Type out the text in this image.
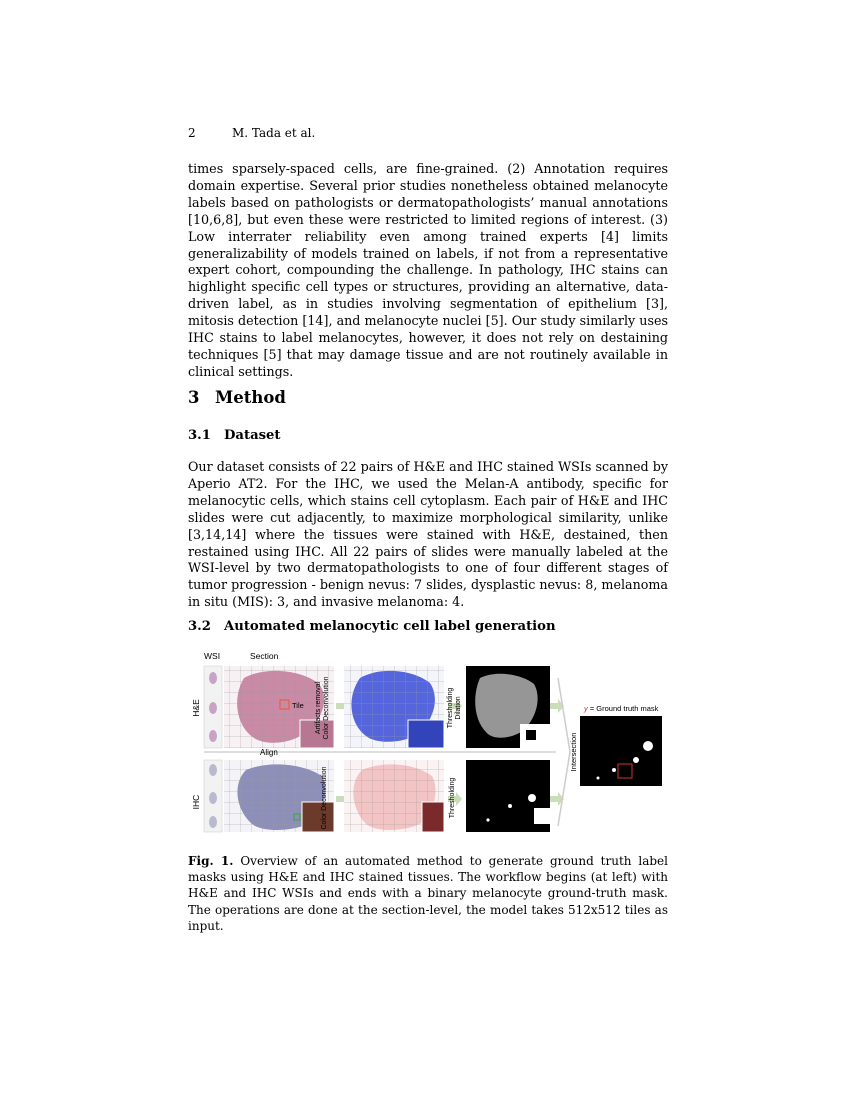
2	M. Tada et al.

times sparsely-spaced cells, are fine-grained. (2) Annotation requires domain expertise. Several prior studies nonetheless obtained melanocyte labels based on pathologists or dermatopathologists’ manual annotations [10,6,8], but even these were restricted to limited regions of interest. (3) Low interrater reliability even among trained experts [4] limits generalizability of models trained on labels, if not from a representative expert cohort, compounding the challenge. In pathology, IHC stains can highlight specific cell types or structures, providing an alternative, data-driven label, as in studies involving segmentation of epithelium [3], mitosis detection [14], and melanocyte nuclei [5]. Our study similarly uses IHC stains to label melanocytes, however, it does not rely on destaining techniques [5] that may damage tissue and are not routinely available in clinical settings.

3 Method
3.1 Dataset

Our dataset consists of 22 pairs of H&E and IHC stained WSIs scanned by Aperio AT2. For the IHC, we used the Melan-A antibody, specific for melanocytic cells, which stains cell cytoplasm. Each pair of H&E and IHC slides were cut adjacently, to maximize morphological similarity, unlike [3,14,14] where the tissues were stained with H&E, destained, then restained using IHC. All 22 pairs of slides were manually labeled at the WSI-level by two dermatopathologists to one of four different stages of tumor progression - benign nevus: 7 slides, dysplastic nevus: 8, melanoma in situ (MIS): 3, and invasive melanoma: 4.

3.2 Automated melanocytic cell label generation
WSI	Section
H&E
IHC
Tile Artifacts removal Color Deconvolution
Color Deconvolution
Thresholding Dilation
Thresholding
Align	Intersection
y = Ground truth mask

Fig. 1. Overview of an automated method to generate ground truth label masks using H&E and IHC stained tissues. The workflow begins (at left) with H&E and IHC WSIs and ends with a binary melanocyte ground-truth mask. The operations are done at the section-level, the model takes 512x512 tiles as input.
